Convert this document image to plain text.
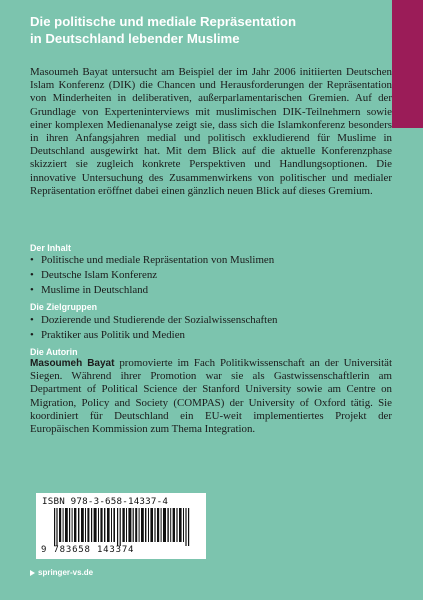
Die politische und mediale Repräsentation
in Deutschland lebender Muslime

Masoumeh Bayat untersucht am Beispiel der im Jahr 2006 initiierten Deutschen Islam Konferenz (DIK) die Chancen und Herausforderungen der Repräsentation von Minderheiten in deliberativen, außerparlamentarischen Gremien. Auf der Grundlage von Experteninterviews mit muslimischen DIK-Teilnehmern sowie einer komplexen Medienanalyse zeigt sie, dass sich die Islamkonferenz besonders in ihren Anfangsjahren medial und politisch exkludierend für Muslime in Deutschland ausgewirkt hat. Mit dem Blick auf die aktuelle Konferenzphase skizziert sie zugleich konkrete Perspektiven und Handlungsoptionen. Die innovative Untersuchung des Zusammenwirkens von politischer und medialer Repräsentation eröffnet dabei einen gänzlich neuen Blick auf dieses Gremium.

Der Inhalt

• Politische und mediale Repräsentation von Muslimen
• Deutsche Islam Konferenz
• Muslime in Deutschland

Die Zielgruppen

• Dozierende und Studierende der Sozialwissenschaften
• Praktiker aus Politik und Medien

Die Autorin

Masoumeh Bayat promovierte im Fach Politikwissenschaft an der Universität Siegen. Während ihrer Promotion war sie als Gastwissenschaftlerin am Department of Political Science der Stanford University sowie am Centre on Migration, Policy and Society (COMPAS) der University of Oxford tätig. Sie koordiniert für Deutschland ein EU-weit implementiertes Projekt der Europäischen Kommission zum Thema Integration.

ISBN 978-3-658-14337-4
9 783658 143374
springer-vs.de
